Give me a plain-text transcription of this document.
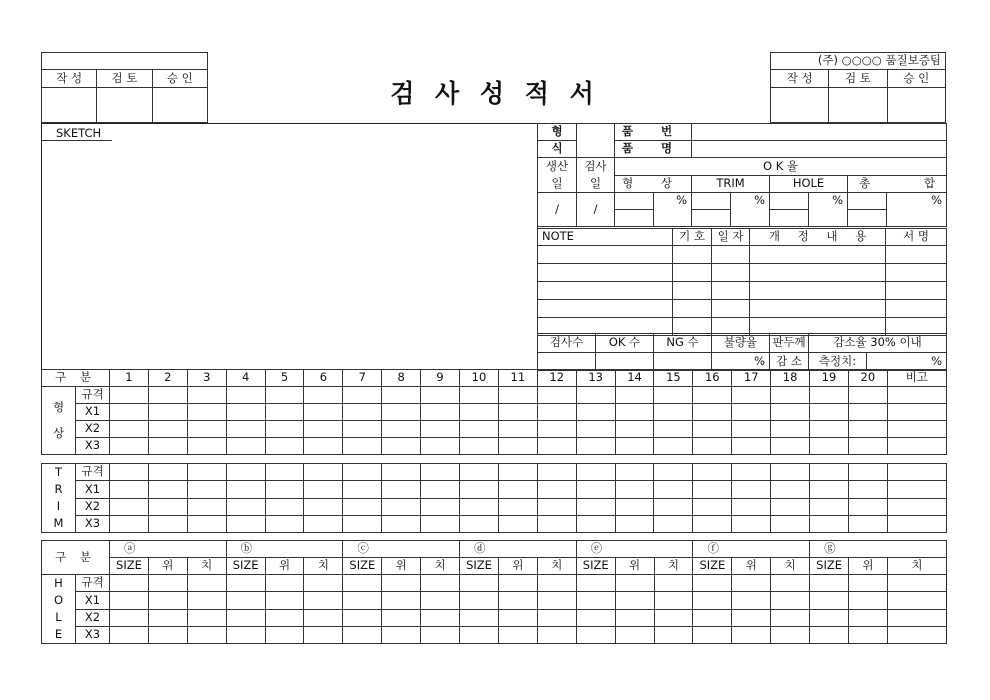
작 성	검 토	승 인

검 사 성 적 서
(주) ○○○○ 품질보증팀		
작 성	검 토	승 인

SKETCH	형		품 번							
식		품 명							
생산	검사	O K 율							
일	일	형 상		TRIM		HOLE		총 합	
/	/		%		%		%		%

NOTE	기 호	일 자	개 정 내 용	서 명

검사수	OK 수	NG 수	불량율	판두께	감소율 30% 이내	
			%	감 소	측정치:	%
구 분		1	2	3	4	5	6	7	8	9	10	11	12	13	14	15	16	17	18	19	20	비고

형
상	규격																					
	X1																					
	X2																					
	X3																					
T
R
I
M	규격																					
	X1																					
	X2																					
	X3																					
구 분		ⓐ			ⓑ			ⓒ			ⓓ			ⓔ			ⓕ			ⓖ		
		SIZE	위	치	SIZE	위	치	SIZE	위	치	SIZE	위	치	SIZE	위	치	SIZE	위	치	SIZE	위	치

H
O
L
E	규격																					
	X1																					
	X2																					
	X3																					
